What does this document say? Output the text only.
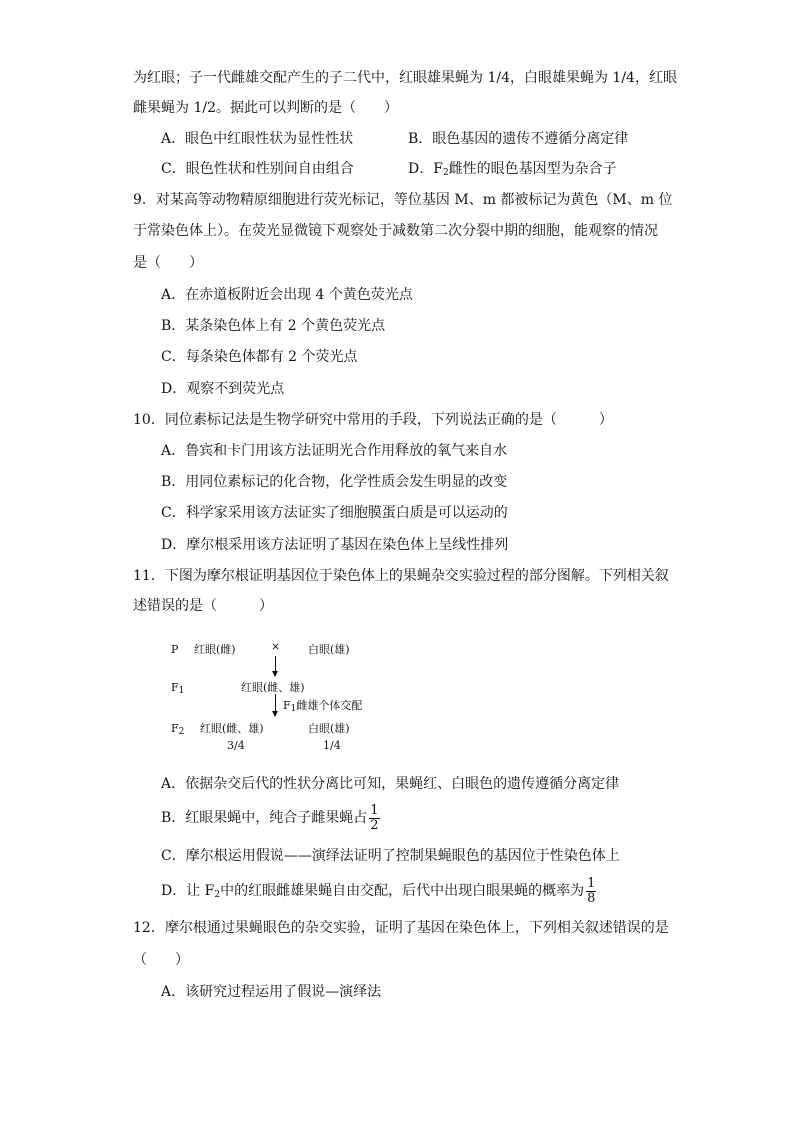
为红眼；子一代雌雄交配产生的子二代中，红眼雄果蝇为 1/4，白眼雄果蝇为 1/4，红眼
雌果蝇为 1/2。据此可以判断的是（　　）
A．眼色中红眼性状为显性性状	B．眼色基因的遗传不遵循分离定律
C．眼色性状和性别间自由组合	D．$F_2$雌性的眼色基因型为杂合子
9．对某高等动物精原细胞进行荧光标记，等位基因 M、m 都被标记为黄色（M、m 位
于常染色体上）。在荧光显微镜下观察处于减数第二次分裂中期的细胞，能观察的情况
是（　　）
A．在赤道板附近会出现 4 个黄色荧光点
B．某条染色体上有 2 个黄色荧光点
C．每条染色体都有 2 个荧光点
D．观察不到荧光点
10．同位素标记法是生物学研究中常用的手段，下列说法正确的是（　　　）
A．鲁宾和卡门用该方法证明光合作用释放的氧气来自水
B．用同位素标记的化合物，化学性质会发生明显的改变
C．科学家采用该方法证实了细胞膜蛋白质是可以运动的
D．摩尔根采用该方法证明了基因在染色体上呈线性排列
11．下图为摩尔根证明基因位于染色体上的果蝇杂交实验过程的部分图解。下列相关叙
述错误的是（　　　）
P 红眼(雌)	×	白眼(雄)
$F_1$	红眼(雌、雄)
$F_1$雌雄个体交配
$F_2$ 红眼(雌、雄)
3/4
白眼(雄)
1/4
A．依据杂交后代的性状分离比可知，果蝇红、白眼色的遗传遵循分离定律
B．红眼果蝇中，纯合子雌果蝇占 $\frac{1}{2}$
C．摩尔根运用假说——演绎法证明了控制果蝇眼色的基因位于性染色体上
D．让 $F_2$中的红眼雌雄果蝇自由交配，后代中出现白眼果蝇的概率为 $\frac{1}{8}$
12．摩尔根通过果蝇眼色的杂交实验，证明了基因在染色体上，下列相关叙述错误的是
（　　）
A．该研究过程运用了假说—演绎法
